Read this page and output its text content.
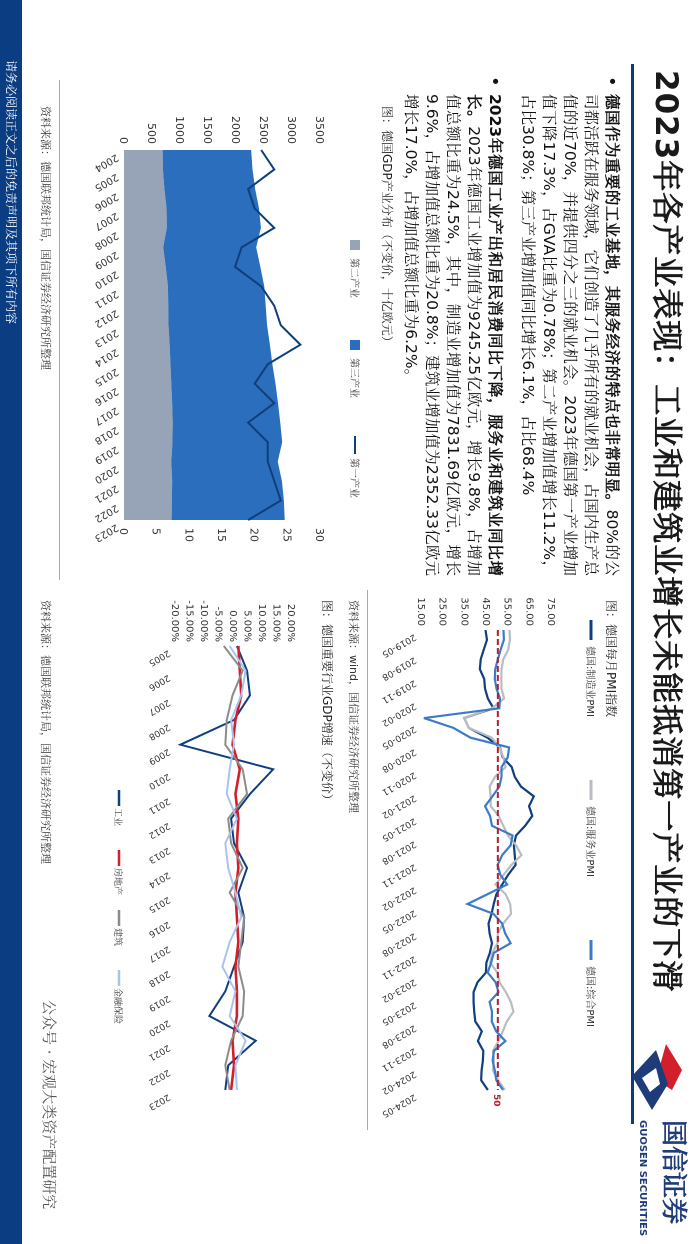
2023年各产业表现：工业和建筑业增长未能抵消第一产业的下滑
国信证券
GUOSEN SECURITIES
请务必阅读正文之后的免责声明及其项下所有内容
公众号 · 宏观大类资产配置研究

• 德国作为重要的工业基地，其服务经济的特点也非常明显。80%的公司都活跃在服务领域，它们创造了几乎所有的就业机会，占国内生产总值的近70%，并提供四分之三的就业机会。2023年德国第一产业增加值下降17.3%，占GVA比重为0.78%；第二产业增加值增长11.2%，占比30.8%；第三产业增加值同比增长6.1%，占比68.4%

• 2023年德国工业产出和居民消费同比下降，服务业和建筑业同比增长。2023年德国工业增加值为9245.25亿欧元，增长9.8%，占增加值总额比重为24.5%，其中，制造业增加值为7831.69亿欧元，增长9.6%，占增加值总额比重为20.8%；建筑业增加值为2352.33亿欧元增长17.0%，占增加值总额比重为6.2%。

图：德国GDP产业分布（不变价，十亿欧元）
0 500 1000 1500 2000 2500 3000 3500
0 5 10 15 20 25 30
2004
2005
2006
2007
2008
2009
2010
2011
2012
2013
2014
2015
2016
2017
2018
2019
2020
2021
2022
2023
第二产业
第三产业
第一产业
资料来源：德国联邦统计局，国信证券经济研究所整理
图：德国每月PMI指数
15.00 25.00 35.00 45.00 55.00 65.00 75.00
2019-05
2019-08
2019-11
2020-02
2020-05
2020-08
2020-11
2021-02
2021-05
2021-08
2021-11
2022-02
2022-05
2022-08
2022-11
2023-02
2023-05
2023-08
2023-11
2024-02
2024-05	50
德国:制造业PMI
德国:服务业PMI
德国:综合PMI
资料来源：wind，国信证券经济研究所整理
图：德国重要行业GDP增速（不变价）
-20.00% -15.00% -10.00% -5.00% 0.00% 5.00% 10.00% 15.00% 20.00%
2005
2006
2007
2008
2009
2010
2011
2012
2013
2014
2015
2016
2017
2018
2019
2020
2021
2022
2023
工业
房地产
建筑
金融保险
资料来源：德国联邦统计局，国信证券经济研究所整理
